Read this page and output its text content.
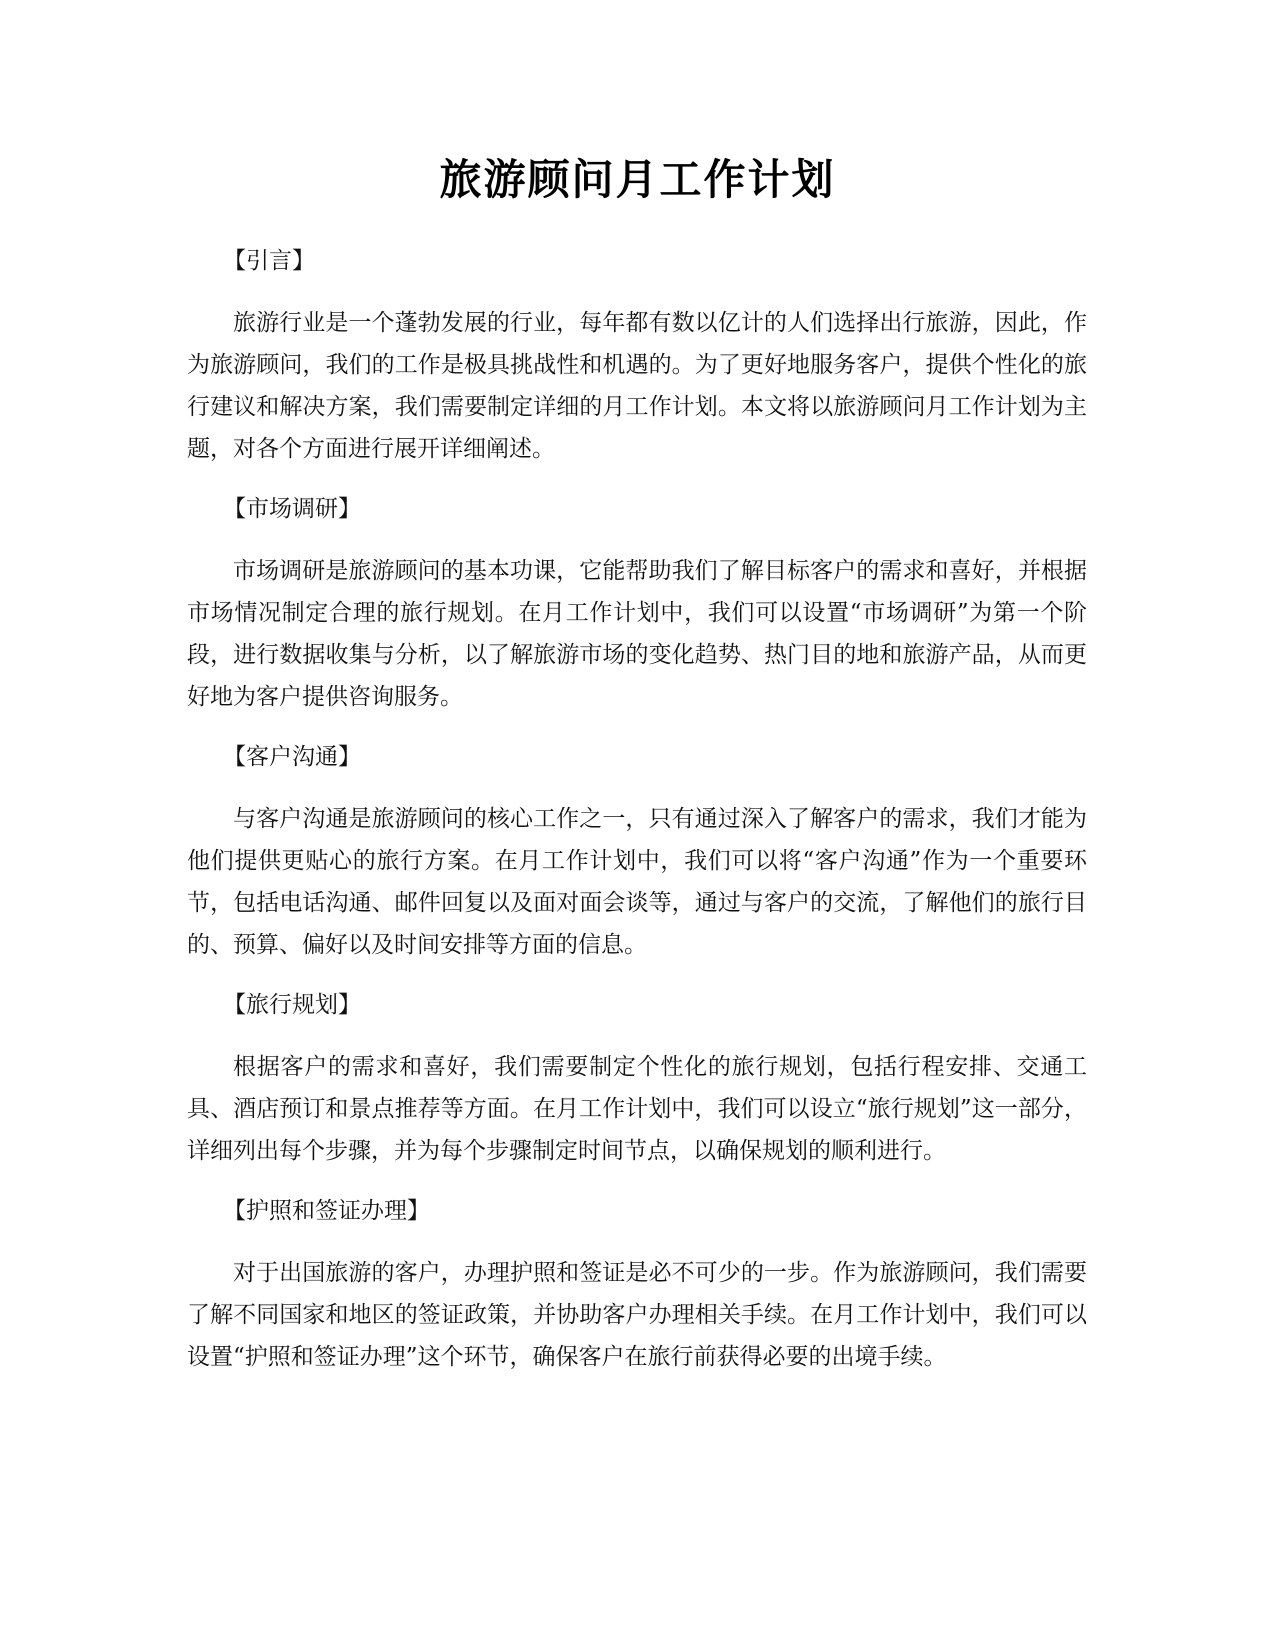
旅游顾问月工作计划

【引言】

旅游行业是一个蓬勃发展的行业，每年都有数以亿计的人们选择出行旅游，因此，作为旅游顾问，我们的工作是极具挑战性和机遇的。为了更好地服务客户，提供个性化的旅行建议和解决方案，我们需要制定详细的月工作计划。本文将以旅游顾问月工作计划为主题，对各个方面进行展开详细阐述。

【市场调研】

市场调研是旅游顾问的基本功课，它能帮助我们了解目标客户的需求和喜好，并根据市场情况制定合理的旅行规划。在月工作计划中，我们可以设置“市场调研”为第一个阶段，进行数据收集与分析，以了解旅游市场的变化趋势、热门目的地和旅游产品，从而更好地为客户提供咨询服务。

【客户沟通】

与客户沟通是旅游顾问的核心工作之一，只有通过深入了解客户的需求，我们才能为他们提供更贴心的旅行方案。在月工作计划中，我们可以将“客户沟通”作为一个重要环节，包括电话沟通、邮件回复以及面对面会谈等，通过与客户的交流，了解他们的旅行目的、预算、偏好以及时间安排等方面的信息。

【旅行规划】

根据客户的需求和喜好，我们需要制定个性化的旅行规划，包括行程安排、交通工具、酒店预订和景点推荐等方面。在月工作计划中，我们可以设立“旅行规划”这一部分，详细列出每个步骤，并为每个步骤制定时间节点，以确保规划的顺利进行。

【护照和签证办理】

对于出国旅游的客户，办理护照和签证是必不可少的一步。作为旅游顾问，我们需要了解不同国家和地区的签证政策，并协助客户办理相关手续。在月工作计划中，我们可以设置“护照和签证办理”这个环节，确保客户在旅行前获得必要的出境手续。
